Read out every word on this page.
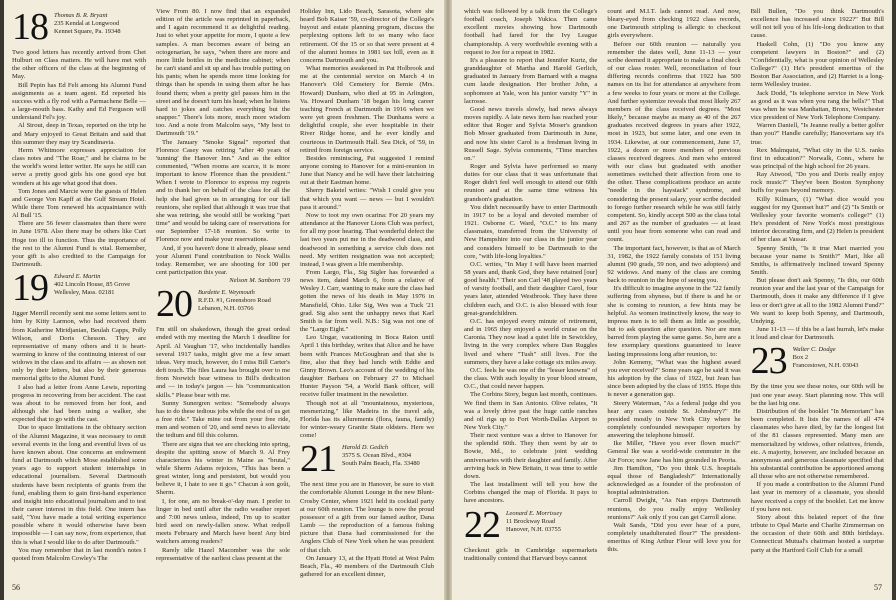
18 Thomas B. R. Bryant
235 Kendal at Longwood
Kennet Square, Pa. 19348

Two good letters has recently arrived from Chet Hulburt on Class matters. He will have met with the other officers of the class at the beginning of May.

Bill Pepin has Ed Felt among his Alumni Fund assignments as a team agent. Ed reported his success with a fly rod with a Parmachene Belle — a large-mouth bass. Kathy and Ed Ferguson will understand Fel's joy.

Al Strout, deep in Texas, reported on the trip he and Mary enjoyed to Great Britain and said that this summer they may try Scandinavia.

Herm Whitmore expresses appreciation for class notes and "The Roar," and he claims to be the world's worst letter writer. He says he still can serve a pretty good girls his one good eye but wonders at his age what good that does.

Tom Jones and Marcie were the guests of Helen and George Von Kapff at the Gulf Stream Hotel. While there Tom renewed his acquaintance with Al Bull '15.

There are 56 fewer classmates than there were in June 1978. Also there may be others like Curt Hoge too ill to function. Thus the importance of the rest to the Alumni Fund is vital. Remember, your gift is also credited to the Campaign for Dartmouth.

19 Edward E. Martin
402 Lincoln House, 85 Grove
Wellesley, Mass. 02181

Jigger Merrill recently sent me some letters sent to him by Kitty Larmon, who had received them from Katherine Miridjanian, Beulah Capps, Polly Wilson, and Doris Chesson. They are representative of many others and it is heart-warming to know of the continuing interest of our widows in the class and its affairs — as shown not only by their letters, but also by their generous memorial gifts to the Alumni Fund.

I also had a letter from Anne Lewis, reporting progress in recovering from her accident. The cast was about to be removed from her foot, and although she had been using a walker, she expected that to go with the cast.

Due to space limitations in the obituary section of the Alumni Magazine, it was necessary to omit several events in the long and eventful lives of us have known about. One concerns an endowment fund at Dartmouth which Mose established some years ago to support student internships in educational journalism. Several Dartmouth students have been recipients of grants from the fund, enabling them to gain first-hand experience and insight into educational journalism and to test their career interest in this field. One intern has said, "You have made a total writing experience possible where it would otherwise have been impossible — I can say now, from experience, that this is what I would like to do after Dartmouth."

You may remember that in last month's notes I quoted from Malcolm Cowley's The

View From 80. I now find that an expanded edition of the article was reprinted in paperback, and I again recommend it as delightful reading. Just to whet your appetite for more, I quote a few samples. A man becomes aware of being an octogenarian, he says, "when there are more and more little bottles in the medicine cabinet; when he can't stand and sit up and has trouble putting on his pants; when he spends more time looking for things than he spends in using them after he has found them; when a pretty girl passes him in the street and he doesn't turn his head; when he listens hard to jokes and catches everything but the snapper." There's lots more, much more wisdom too. And a note from Malcolm says, "My best to Dartmouth '19."

The January "Smoke Signal" reported that Florence Casey was retiring "after 40 years of 'tunning' the Hanover Inn." And as the editor commented, "When rooms are scarce, it is more important to know Florence than the president." When I wrote to Florence to express my regrets and to thank her on behalf of the class for all the help she had given us in arranging for our fall reunions, she replied that although it was true that she was retiring, she would still be working "part time" and would be taking care of reservations for our September 17-18 reunion. So write to Florence now and make your reservations.

And, if you haven't done it already, please send your Alumni Fund contribution to Nock Wallis today. Remember, we are shooting for 100 per cent participation this year.

Nelson M. Sanborn '19

20 Burdette E. Weymouth
R.F.D. #1, Greensboro Road
Lebanon, N.H. 03766

I'm still on shakedown, though the great ordeal ended with my meeting the March 1 deadline for April. Al Vaughan '17, who incidentally handles several 1917 tasks, might give me a few smart ideas. Very much, however, do I miss Bill Carter's deft touch. The files Laura has brought over to me from Norwich bear witness to Bill's dedication and — in today's jargon — his "communication skills." Please bear with me.

Sunny Sunergren writes: "Somebody always has to do these tedious jobs while the rest of us get a free ride." Take mine out from your free ride, men and women of '20, and send news to alleviate the tedium and fill this column.

There are signs that we are checking into spring, despite the spitting snow of March 9. Al Frey characterizes his winter in Maine as "brutal," while Sherm Adams rejoices, "This has been a great winter, long and persistent, but would you believe it, I hate to see it go." Chacun à son goût, Sherm.

I, for one, am no break-o'-day man. I prefer to linger in bed until after the radio weather report and 7:00 news unless, indeed, I'm up to scatter bird seed on newly-fallen snow. What redpoll meets February and March have been! Any bird watchers among readers?

Rarely idle Hazel Macomber was the sole representative of the earliest class present at the

Holiday Inn, Lido Beach, Sarasota, where she heard Bob Kaiser '59, co-director of the College's buyout and estate planning program, discuss the perplexing options left to so many who face retirement. Of the 15 or so that were present at 4 of the alumni homes in 1981 tax bill, even as it concerns Dartmouth and you.

What memories awakened in Pat Holbrook and me at the centennial service on March 4 in Hanover's Old Cemetery for Bernie (Mrs. Howard) Dunham, who died at 95 in Arlington, Va. Howard Dunham '18 began his long career teaching French at Dartmouth in 1916 when we were yet green freshmen. The Dunhams were a delightful couple, she ever hospitable in their River Ridge home, and he ever kindly and courteous in Dartmouth Hall. Sea Dick, of '59, in retired from foreign service.

Besides reminiscing, Pat suggested I remind anyone coming to Hanover for a mini-reunion in June that Nancy and he will have their latchstring out at their Eastman home.

Sherry Baketel writes: "Wish I could give you that which you want — news — but I wouldn't pass it around."

Now to toot my own ocarina: For 20 years my attendance at the Hanover Lions Club was perfect, for all my poor hearing. That wonderful defect the last two years put me in the deadwood class, and deadwood in something a service club does not need. My written resignation was not accepted; instead, I was given a life membership.

From Largo, Fla., Sig Sigler has forwarded a news item, dated March 6, from a relative of Wesley J. Carr, wanting to make sure the class had gotten the news of his death in May 1976 in Mansfield, Ohio. Like Sig, Wes was a Tuck '21 grad. Sig also sent the unhappy news that Karl Smith is far from well. N.B.: Sig was not one of the "Largo Eight."

Leo Ungar, vacationing in Boca Raton until April 1 this birthday, writes that Alice and he have been with Frances McGoughran and that she is fine, also that they had lunch with Eddie and Ginny Brown. Leo's account of the wedding of his daughter Barbara on February 27 to Michael Hunter Payson '54, a World Bank officer, will receive fuller treatment in the newsletter.

Though not at all "mountainous, mysterious, mesmerizing," like Madeira in the travel ads, Florida has its allurements (flora, fauna, family) for winter-weary Granite State oldsters. Here we come!

21 Harold D. Gedich
3575 S. Ocean Blvd., #304
South Palm Beach, Fla. 33480

The next time you are in Hanover, be sure to visit the comfortable Alumni Lounge in the new Blunt-Crosby Center, where 1921 held its cocktail party at our 60th reunion. The lounge is now the proud possessor of a gift from our famed author, Dana Lamb — the reproduction of a famous fishing picture that Dana had commissioned for the Anglers Club of New York when he was president of that club.

On January 13, at the Hyatt Hotel at West Palm Beach, Fla., 40 members of the Dartmouth Club gathered for an excellent dinner,

56

which was followed by a talk from the College's football coach, Joseph Yukica. Then came excellent movies showing how Dartmouth football had fared for the Ivy League championship. A very worthwhile evening with a request to Joe for a repeat in 1982.

It's a pleasure to report that Jennifer Kurtz, the granddaughter of Martha and Harold Gerlich, graduated in January from Barnard with a magna cum laude designation. Her brother John, a sophomore at Yale, won his junior varsity "Y" in lacrosse.

Good news travels slowly, bad news always moves rapidly. A late news item has reached your editor that Roger and Sylvia Moser's grandson Bob Moser graduated from Dartmouth in June, and now his sister Carol is a freshman living in Russell Sage. Sylvia comments, "Time marches on."

Roger and Sylvia have performed so many duties for our class that it was unfortunate that Roger didn't feel well enough to attend our 60th reunion and at the same time witness his grandson's graduation.

You didn't necessarily have to enter Dartmouth in 1917 to be a loyal and devoted member of 1921. Osborne C. Ward, "O.C." to his many classmates, transferred from the University of New Hampshire into our class in the junior year and considers himself to be Dartmouth to the core, "with life-long loyalties."

O.C. writes, "In May I will have been married 58 years and, thank God, they have retained [our] good health." Their son Carl '48 played two years of varsity football, and their daughter Carol, four years later, attended Westbrook. They have three children each, and O.C. is also blessed with four great-grandchildren.

O.C. has enjoyed every minute of retirement, and in 1965 they enjoyed a world cruise on the Caronia. They now lead a quiet life in Sewickley, living in the very complex where Dan Ruggles lived and where "Tush" still lives. For the summers, they have a lake cottage six miles away.

O.C. feels he was one of the "lesser knowns" of the class. With such loyalty in your blood stream, O.C., that could never happen.

The Corbins Story, begun last month, continues. We find them in San Antonio. Olive relates, "It was a lovely drive past the huge cattle ranches and oil rigs up to Fort Worth-Dallas Airport to New York City."

Their next venture was a drive to Hanover for the splendid 60th. They then went by air to Bowie, Md., to celebrate joint wedding anniversaries with their daughter and family. After arriving back in New Britain, it was time to settle down.

The last installment will tell you how the Corbins changed the map of Florida. It pays to have ancestors.

22 Leonard E. Morrissey
11 Brockway Road
Hanover, N.H. 03755

Checkout girls in Cambridge supermarkets traditionally contend that Harvard boys cannot

count and M.I.T. lads cannot read. And now, bleary-eyed from checking 1922 class records, one Dartmouth stripling is allergic to checkout girls everywhere.

Before our 60th reunion — naturally you remember the dates well, June 11-13 — your scribe deemed it appropriate to make a final check of our class roster. Well, reconciliation of four differing records confirms that 1922 has 500 names on its list for attendance at anywhere from a few weeks to four years or more at the College. And further systemize reveals that most likely 267 members of the class received degrees. "Most likely," because maybe as many as 40 of the 267 graduates received degrees in years after 1922, most in 1923, but some later, and one even in 1934. Likewise, at our commencement, June 17, 1922, a dozen or more members of previous classes received degrees. And men who entered with our class but graduated with another sometimes switched their affection from one to the other. These complications produce an acute "needle in the haystack" syndrome, and considering the present salary, your scribe decided to forego further research while he was still fairly competent. So, kindly accept 500 as the class total and 267 as the number of graduates — at least until you hear from someone who can read and count.

The important fact, however, is that as of March 31, 1982, the 1922 family consists of 151 living alumni (90 grads, 59 non, and two adoptees) and 92 widows. And many of the class are coming back to reunion in the hope of seeing you.

It's difficult to imagine anyone in the "22 family suffering from shyness, but if there is and he or she is coming to reunion, a few hints may be helpful. As women instinctively know, the way to impress men is to tell them as little as possible, but to ask question after question. Nor are men barred from playing the same game. So, here are a few exemplary questions guaranteed to leave lasting impressions long after reunion, to:

John Kemeny, "What was the highest award you ever received?" Some years ago he said it was his adoption by the class of 1922, but Jean has since been adopted by the class of 1955. Hope this is never a generation gap.

Steery Waterman, "As a federal judge did you hear any cases outside St. Johnsbury?" He presided mostly in New York City where he completely confounded newspaper reporters by answering the telephone himself.

Ike Miller, "Have you ever flown much?" General Ike was a world-wide commuter in the Air Force; now Jane has him grounded in Peoria.

Jim Hamilton, "Do you think U.S. hospitals equal those of Bangladesh?" Internationally acknowledged as a founder of the profession of hospital administration.

Carroll Dwight, "As Nan enjoys Dartmouth reunions, do you really enjoy Wellesley reunions?" Ask only if you can get Carroll alone.

Walt Sands, "Did you ever hear of a pure, completely unadulterated flour?" The president-emeritus of King Arthur Flour will love you for this.

Bill Bullen, "Do you think Dartmouth's excellence has increased since 1922?" But Bill will not tell you of his life-long dedication to that cause.

Haskell Cohn, (1) "Do you know any competent lawyers in Boston?" and (2) "Confidentially, what is your opinion of Wellesley College?" (1) He's president emeritus of the Boston Bar Association, and (2) Harriet is a long-term Wellesley trustee.

Jack Dodd, "Is telephone service in New York as good as it was when you rang the bells?" That was when he was Manhattan, Bronx, Westchester vice president of New York Telephone Company.

Warren Daniell, "Is Jeanne really a better golfer than you?" Handle carefully; Hanoverians say it's true.

Rex Malmquist, "What city in the U.S. ranks first in education?" Norwalk, Conn., where he was principal of the high school for 26 years.

Ray Atwood, "Do you and Doris really enjoy rock music?" They've been Boston Symphony buffs for years beyond memory.

Killy Kilmarx, (1) "What dice would you suggest for my Quonset hut?" and (2) "Is Smith or Wellesley your favorite women's college?" (1) He's president of New York's most prestigious interior decorating firm, and (2) Helen is president of her class at Vassar.

Spenny Smith, "Is it true Mari married you because your name is Smith?" Mari, like all Smiths, is affirmatively inclined toward Spenny Smith.

But please don't ask Spenny, "Is this, our 60th reunion year and the last year of the Campaign for Dartmouth, does it make any difference if I give less or don't give at all to the 1982 Alumni Fund?" We want to keep both Spenny, and Dartmouth, Undying.

June 11-13 — if this be a last hurrah, let's make it loud and clear for Dartmouth.

23 Walter C. Dodge
Box 2
Francestown, N.H. 03043

By the time you see these notes, our 60th will be just one year away. Start planning now. This will be the last big one.

Distribution of the booklet "In Memoriam" has been completed. It lists the names of all 474 classmates who have died, by far the longest list of the 81 classes represented. Many men are memorialized by widows, other relatives, friends, etc. A majority, however, are included because an anonymous and generous classmate specified that his substantial contribution be apportioned among all those who are not otherwise remembered.

If you made a contribution to the Alumni Fund last year in memory of a classmate, you should have received a copy of the booklet. Let me know if you have not.

Story about this belated report of the fine tribute to Opal Marie and Charlie Zimmerman on the occasion of their 60th and 80th birthdays. Connecticut Mutual's chairman hosted a surprise party at the Hartford Golf Club for a small

57
